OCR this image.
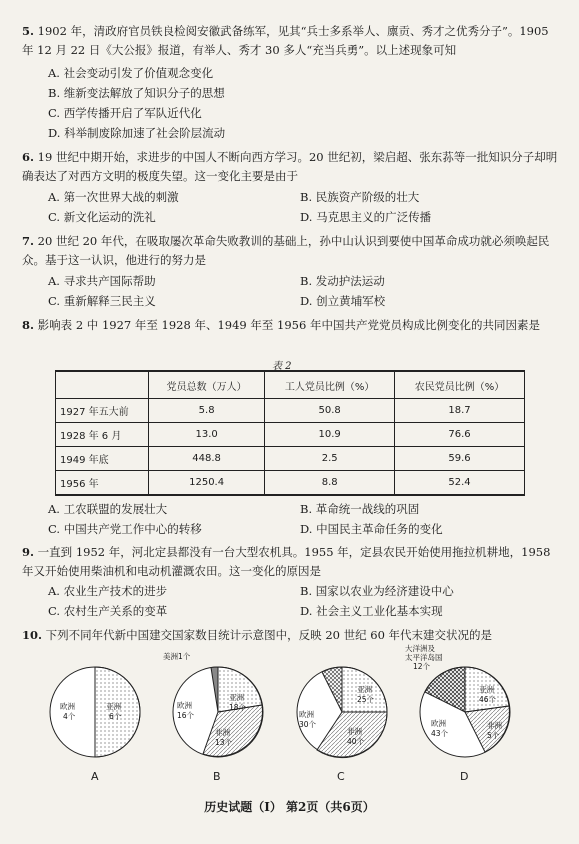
5. 1902 年，清政府官员铁良检阅安徽武备练军，见其“兵士多系举人、廪贡、秀才之优秀分子”。1905 年 12 月 22 日《大公报》报道，有举人、秀才 30 多人“充当兵勇”。以上述现象可知
A. 社会变动引发了价值观念变化
B. 维新变法解放了知识分子的思想
C. 西学传播开启了军队近代化
D. 科举制废除加速了社会阶层流动
6. 19 世纪中期开始，求进步的中国人不断向西方学习。20 世纪初，梁启超、张东荪等一批知识分子却明确表达了对西方文明的极度失望。这一变化主要是由于
A. 第一次世界大战的刺激	B. 民族资产阶级的壮大
C. 新文化运动的洗礼	D. 马克思主义的广泛传播
7. 20 世纪 20 年代，在吸取屡次革命失败教训的基础上，孙中山认识到要使中国革命成功就必须唤起民众。基于这一认识，他进行的努力是
A. 寻求共产国际帮助	B. 发动护法运动
C. 重新解释三民主义	D. 创立黄埔军校
8. 影响表 2 中 1927 年至 1928 年、1949 年至 1956 年中国共产党党员构成比例变化的共同因素是
表 2
	党员总数（万人）	工人党员比例（%）	农民党员比例（%）
1927 年五大前	5.8	50.8	18.7
1928 年 6 月	13.0	10.9	76.6
1949 年底	448.8	2.5	59.6
1956 年	1250.4	8.8	52.4
A. 工农联盟的发展壮大	B. 革命统一战线的巩固
C. 中国共产党工作中心的转移	D. 中国民主革命任务的变化
9. 一直到 1952 年，河北定县都没有一台大型农机具。1955 年，定县农民开始使用拖拉机耕地，1958 年又开始使用柴油机和电动机灌溉农田。这一变化的原因是
A. 农业生产技术的进步	B. 国家以农业为经济建设中心
C. 农村生产关系的变革	D. 社会主义工业化基本实现
10. 下列不同年代新中国建交国家数目统计示意图中，反映 20 世纪 60 年代末建交状况的是
欧洲
4个
亚洲
6个
A
美洲1个
欧洲
16个
亚洲
18个
非洲
13个
B
欧洲
30个
亚洲
25个
非洲
40个
C
大洋洲及
太平洋岛国
12个
亚洲
46个
欧洲
43个
非洲
5个
D
历史试题（Ⅰ） 第2页（共6页）
